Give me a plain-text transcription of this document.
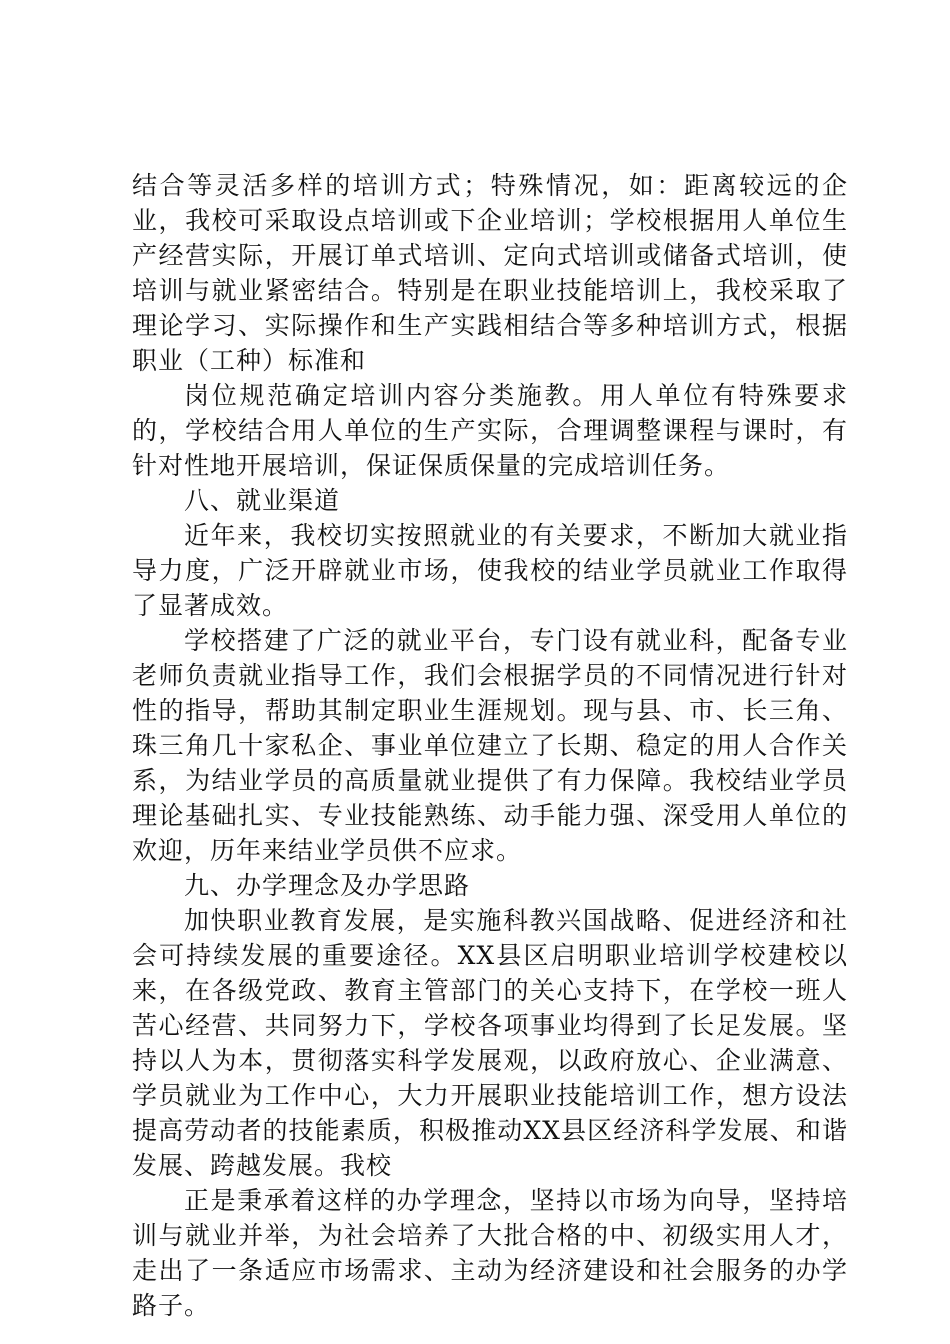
结合等灵活多样的培训方式；特殊情况，如：距离较远的企业，我校可采取设点培训或下企业培训；学校根据用人单位生产经营实际，开展订单式培训、定向式培训或储备式培训，使培训与就业紧密结合。特别是在职业技能培训上，我校采取了理论学习、实际操作和生产实践相结合等多种培训方式，根据职业（工种）标准和

岗位规范确定培训内容分类施教。用人单位有特殊要求的，学校结合用人单位的生产实际，合理调整课程与课时，有针对性地开展培训，保证保质保量的完成培训任务。

八、就业渠道

近年来，我校切实按照就业的有关要求，不断加大就业指导力度，广泛开辟就业市场，使我校的结业学员就业工作取得了显著成效。

学校搭建了广泛的就业平台，专门设有就业科，配备专业老师负责就业指导工作，我们会根据学员的不同情况进行针对性的指导，帮助其制定职业生涯规划。现与县、市、长三角、珠三角几十家私企、事业单位建立了长期、稳定的用人合作关系，为结业学员的高质量就业提供了有力保障。我校结业学员理论基础扎实、专业技能熟练、动手能力强、深受用人单位的欢迎，历年来结业学员供不应求。

九、办学理念及办学思路

加快职业教育发展，是实施科教兴国战略、促进经济和社会可持续发展的重要途径。XX县区启明职业培训学校建校以来，在各级党政、教育主管部门的关心支持下，在学校一班人苦心经营、共同努力下，学校各项事业均得到了长足发展。坚持以人为本，贯彻落实科学发展观，以政府放心、企业满意、学员就业为工作中心，大力开展职业技能培训工作，想方设法提高劳动者的技能素质，积极推动XX县区经济科学发展、和谐发展、跨越发展。我校

正是秉承着这样的办学理念，坚持以市场为向导，坚持培训与就业并举，为社会培养了大批合格的中、初级实用人才，走出了一条适应市场需求、主动为经济建设和社会服务的办学路子。
